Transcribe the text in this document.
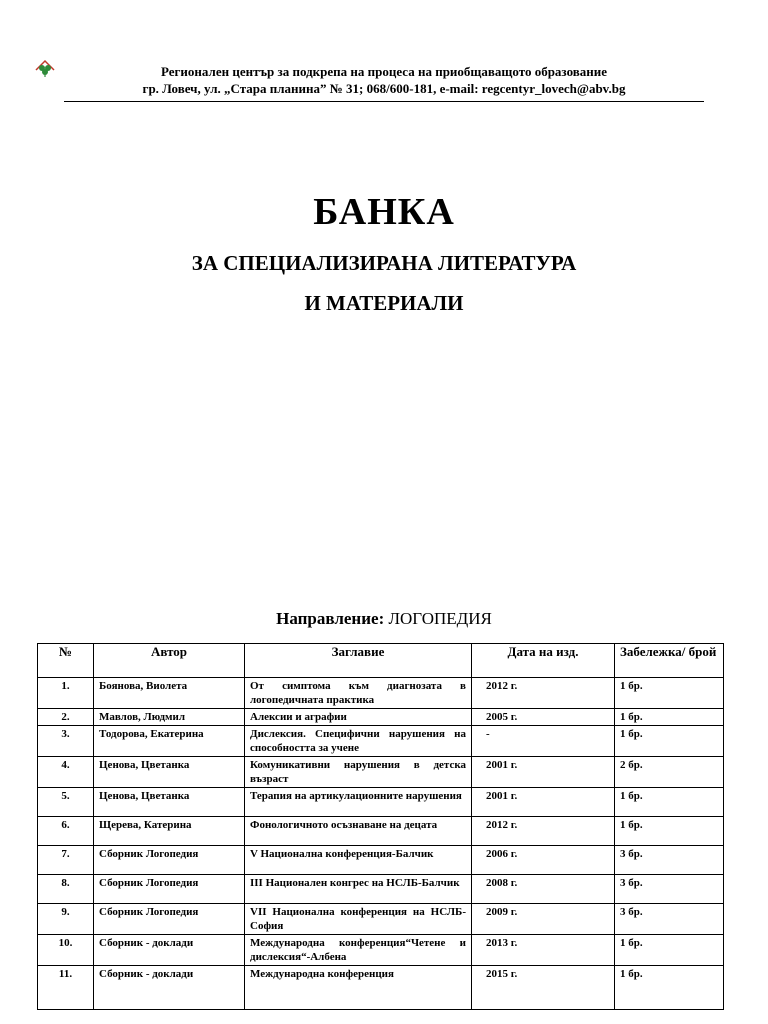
Регионален център за подкрепа на процеса на приобщаващото образование
гр. Ловеч, ул. „Стара планина” № 31; 068/600-181, e-mail: regcentyr_lovech@abv.bg
БАНКА
ЗА СПЕЦИАЛИЗИРАНА ЛИТЕРАТУРА
И МАТЕРИАЛИ
Направление: ЛОГОПЕДИЯ
№	Автор	Заглавие	Дата на изд.	Забележка/ брой
1.	Боянова, Виолета	От симптома към диагнозата в логопедичната практика	2012 г.	1 бр.
2.	Мавлов, Людмил	Алексии и аграфии	2005 г.	1 бр.
3.	Тодорова, Екатерина	Дислексия. Специфични нарушения на способността за учене	-	1 бр.
4.	Ценова, Цветанка	Комуникативни нарушения в детска възраст	2001 г.	2 бр.
5.	Ценова, Цветанка	Терапия на артикулационните нарушения	2001 г.	1 бр.
6.	Щерева, Катерина	Фонологичното осъзнаване на децата	2012 г.	1 бр.
7.	Сборник Логопедия	V Национална конференция-Балчик	2006 г.	3 бр.
8.	Сборник Логопедия	III Национален конгрес на НСЛБ-Балчик	2008 г.	3 бр.
9.	Сборник Логопедия	VII Национална конференция на НСЛБ-София	2009 г.	3 бр.
10.	Сборник - доклади	Международна конференция“Четене и дислексия“-Албена	2013 г.	1 бр.
11.	Сборник - доклади	Международна конференция	2015 г.	1 бр.
